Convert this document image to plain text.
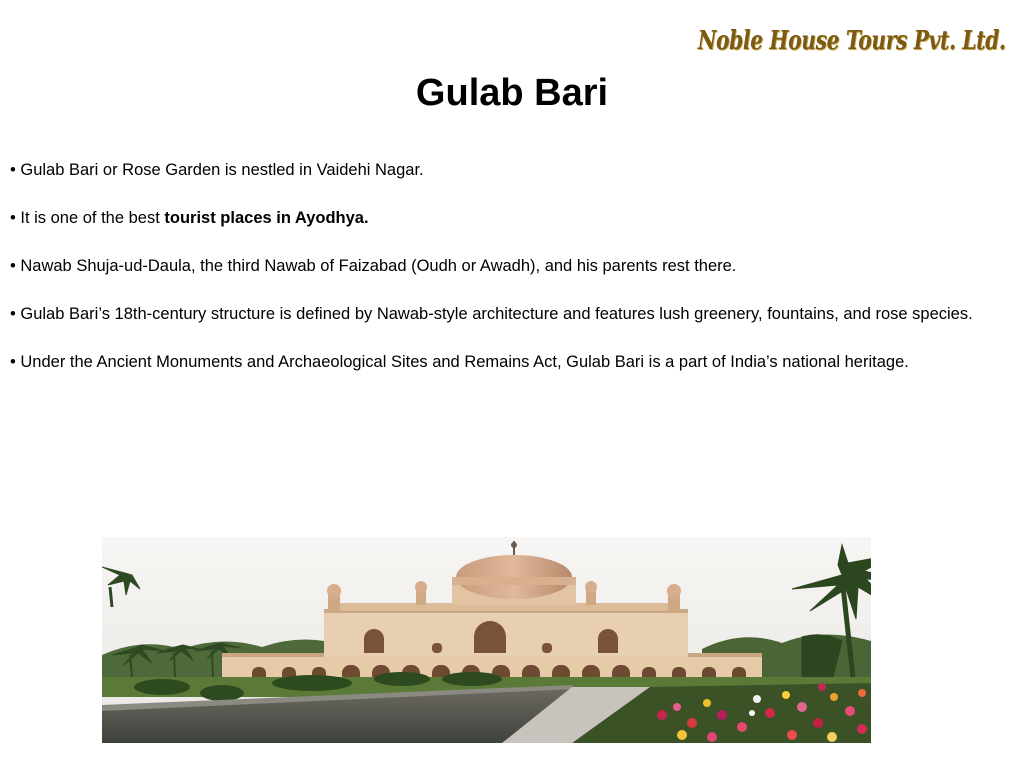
Noble House Tours Pvt. Ltd.
Gulab Bari
• Gulab Bari or Rose Garden is nestled in Vaidehi Nagar.
• It is one of the best tourist places in Ayodhya.
• Nawab Shuja-ud-Daula, the third Nawab of Faizabad (Oudh or Awadh), and his parents rest there.
• Gulab Bari’s 18th-century structure is defined by Nawab-style architecture and features lush greenery, fountains, and rose species.
• Under the Ancient Monuments and Archaeological Sites and Remains Act, Gulab Bari is a part of India’s national heritage.
